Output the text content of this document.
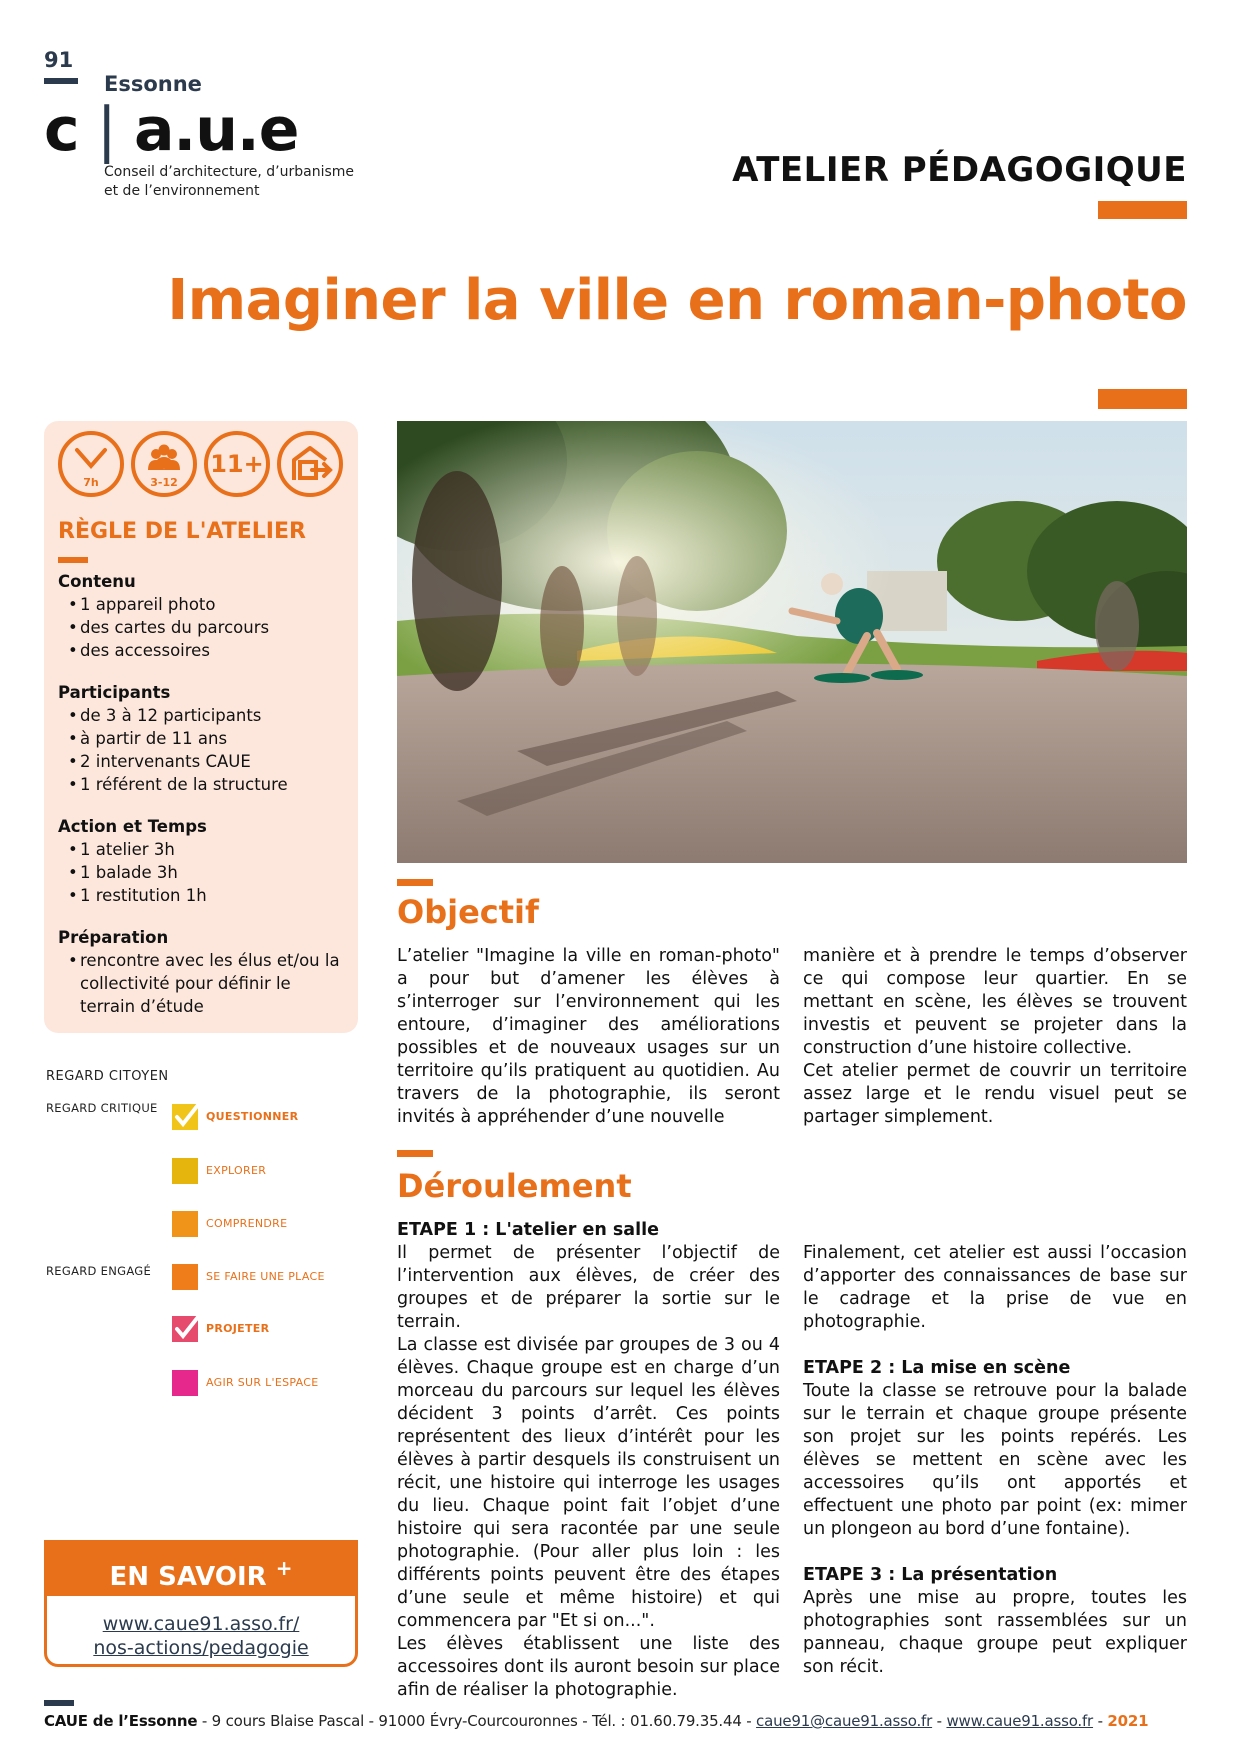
91
Essonne
c | a.u.e
Conseil d’architecture, d’urbanisme
et de l’environnement
ATELIER PÉDAGOGIQUE
Imaginer la ville en roman-photo
7h	3-12
11+
RÈGLE DE L'ATELIER
Contenu
• 1 appareil photo
• des cartes du parcours
• des accessoires
Participants
• de 3 à 12 participants
• à partir de 11 ans
• 2 intervenants CAUE
• 1 référent de la structure
Action et Temps
• 1 atelier 3h
• 1 balade 3h
• 1 restitution 1h
Préparation
• rencontre avec les élus et/ou la collectivité pour définir le terrain d’étude
REGARD CITOYEN
REGARD CRITIQUE
REGARD ENGAGÉ
QUESTIONNER
EXPLORER
COMPRENDRE
SE FAIRE UNE PLACE
PROJETER
AGIR SUR L'ESPACE
EN SAVOIR +
www.caue91.asso.fr/
nos-actions/pedagogie
Objectif

L’atelier "Imagine la ville en roman-photo" a pour but d’amener les élèves à s’interroger sur l’environnement qui les entoure, d’imaginer des améliorations possibles et de nouveaux usages sur un territoire qu’ils pratiquent au quotidien. Au travers de la photographie, ils seront invités à appréhender d’une nouvelle

manière et à prendre le temps d’observer ce qui compose leur quartier. En se mettant en scène, les élèves se trouvent investis et peuvent se projeter dans la construction d’une histoire collective.

Cet atelier permet de couvrir un territoire assez large et le rendu visuel peut se partager simplement.

Déroulement

ETAPE 1 : L'atelier en salle

Il permet de présenter l’objectif de l’intervention aux élèves, de créer des groupes et de préparer la sortie sur le terrain.

La classe est divisée par groupes de 3 ou 4 élèves. Chaque groupe est en charge d’un morceau du parcours sur lequel les élèves décident 3 points d’arrêt. Ces points représentent des lieux d’intérêt pour les élèves à partir desquels ils construisent un récit, une histoire qui interroge les usages du lieu. Chaque point fait l’objet d’une histoire qui sera racontée par une seule photographie. (Pour aller plus loin : les différents points peuvent être des étapes d’une seule et même histoire) et qui commencera par "Et si on...".

Les élèves établissent une liste des accessoires dont ils auront besoin sur place afin de réaliser la photographie.

Finalement, cet atelier est aussi l’occasion d’apporter des connaissances de base sur le cadrage et la prise de vue en photographie.

ETAPE 2 : La mise en scène

Toute la classe se retrouve pour la balade sur le terrain et chaque groupe présente son projet sur les points repérés. Les élèves se mettent en scène avec les accessoires qu’ils ont apportés et effectuent une photo par point (ex: mimer un plongeon au bord d’une fontaine).

ETAPE 3 : La présentation

Après une mise au propre, toutes les photographies sont rassemblées sur un panneau, chaque groupe peut expliquer son récit.

CAUE de l’Essonne - 9 cours Blaise Pascal - 91000 Évry-Courcouronnes - Tél. : 01.60.79.35.44 - caue91@caue91.asso.fr - www.caue91.asso.fr - 2021
